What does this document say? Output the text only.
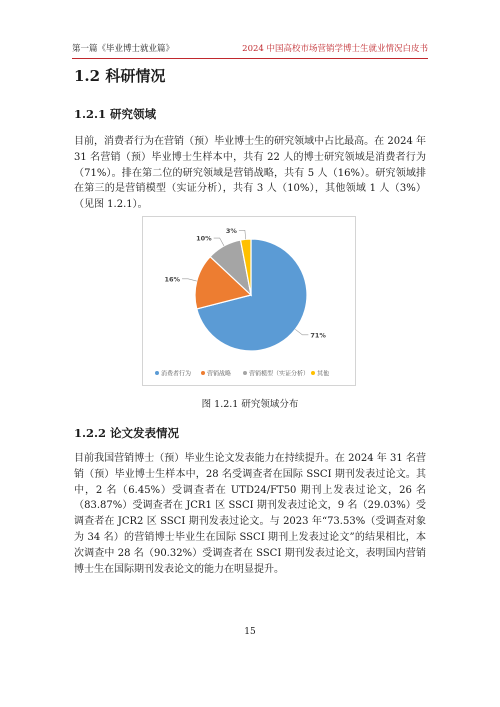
第一篇《毕业博士就业篇》	2024 中国高校市场营销学博士生就业情况白皮书
1.2 科研情况
1.2.1 研究领域

目前，消费者行为在营销（预）毕业博士生的研究领域中占比最高。在 2024 年 31 名营销（预）毕业博士生样本中，共有 22 人的博士研究领域是消费者行为（71%）。排在第二位的研究领域是营销战略，共有 5 人（16%）。研究领域排在第三的是营销模型（实证分析），共有 3 人（10%），其他领域 1 人（3%）（见图 1.2.1）。

71%
16%
10%
3%
消费者行为	营销战略	营销模型（实证分析） 其他
图 1.2.1 研究领域分布
1.2.2 论文发表情况

目前我国营销博士（预）毕业生论文发表能力在持续提升。在 2024 年 31 名营销（预）毕业博士生样本中，28 名受调查者在国际 SSCI 期刊发表过论文。其中，2 名（6.45%）受调查者在 UTD24/FT50 期刊上发表过论文，26 名（83.87%）受调查者在 JCR1 区 SSCI 期刊发表过论文，9 名（29.03%）受调查者在 JCR2 区 SSCI 期刊发表过论文。与 2023 年“73.53%（受调查对象为 34 名）的营销博士毕业生在国际 SSCI 期刊上发表过论文”的结果相比，本次调查中 28 名（90.32%）受调查者在 SSCI 期刊发表过论文，表明国内营销博士生在国际期刊发表论文的能力在明显提升。

15
